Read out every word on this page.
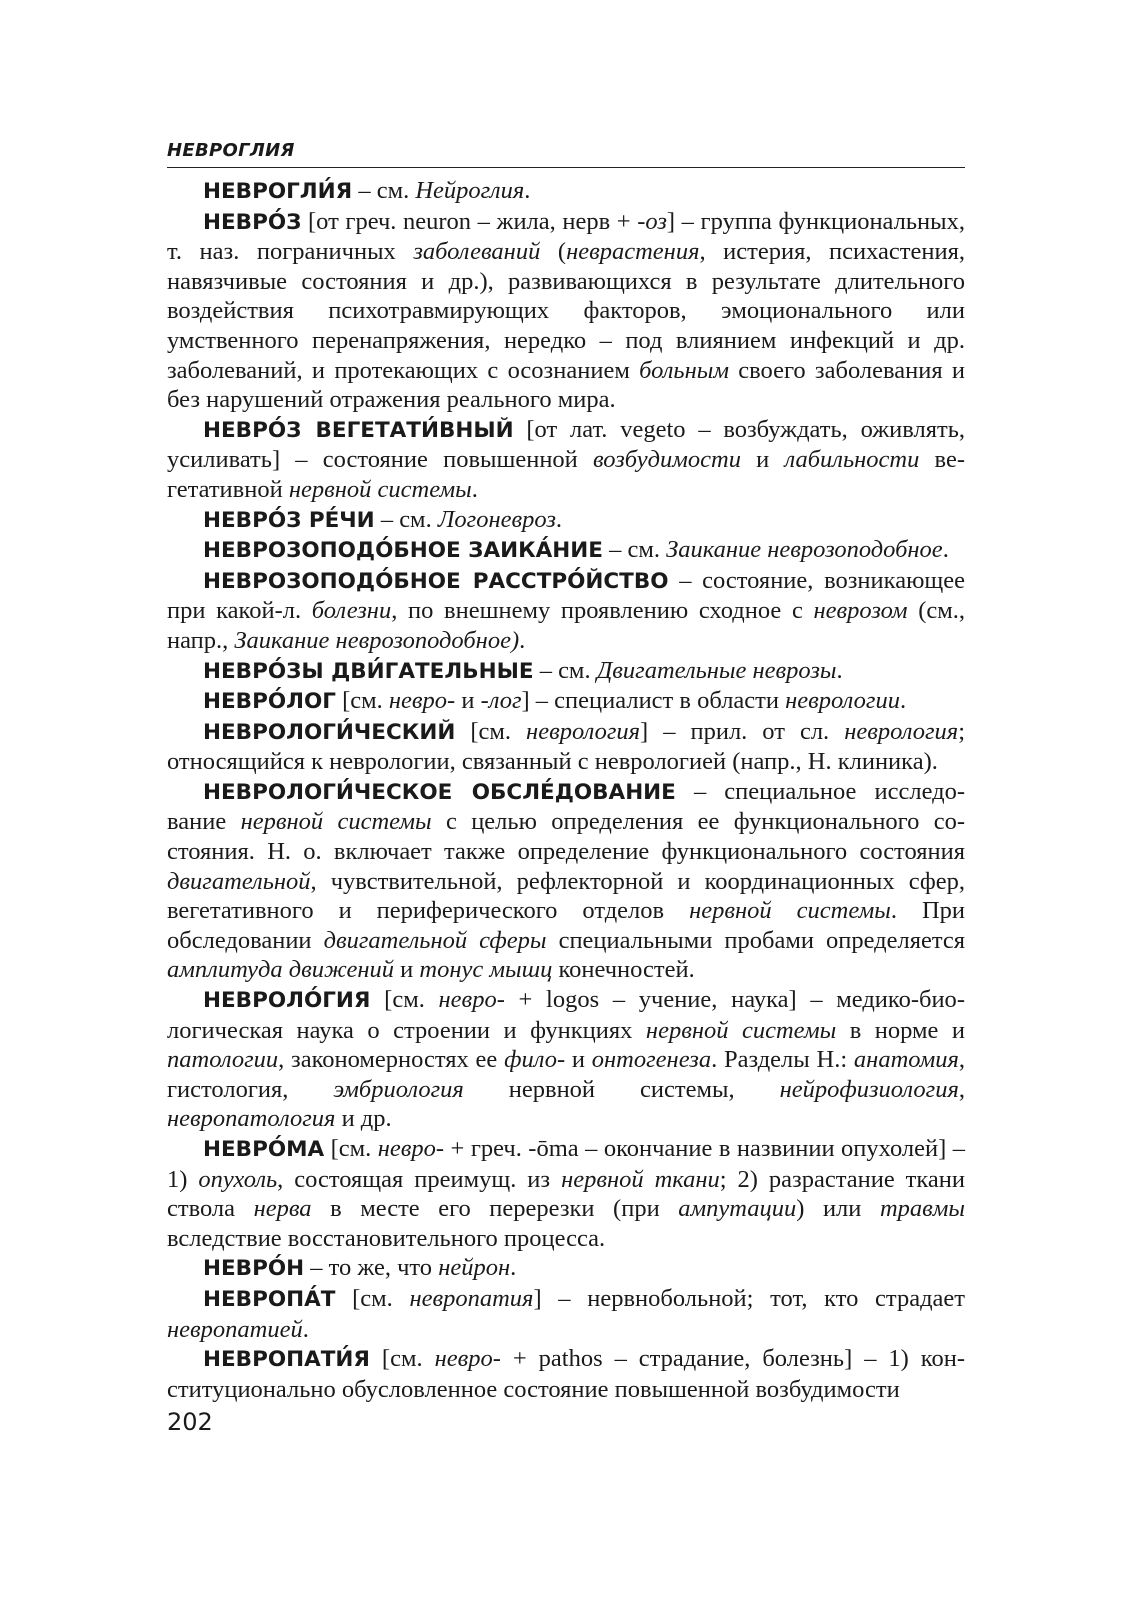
НЕВРОГЛИЯ

НЕВРОГЛИ́Я – см. Нейроглия.

НЕВРО́З [от греч. neuron – жила, нерв + -оз] – группа функциональных, т. наз. пограничных заболеваний (неврастения, истерия, психастения, навязчивые состояния и др.), развивающихся в результате длительного воздействия психотравмирующих факторов, эмоционального или умственного перенапряжения, нередко – под влиянием инфекций и др. заболеваний, и протекающих с осознанием больным своего заболевания и без нарушений отражения реального мира.

НЕВРО́З ВЕГЕТАТИ́ВНЫЙ [от лат. vegeto – возбуждать, оживлять, усиливать] – состояние повышенной возбудимости и лабильности вегетативной нервной системы.

НЕВРО́З РЕ́ЧИ – см. Логоневроз.

НЕВРОЗОПОДО́БНОЕ ЗАИКА́НИЕ – см. Заикание неврозоподобное.

НЕВРОЗОПОДО́БНОЕ РАССТРО́ЙСТВО – состояние, возникающее при какой-л. болезни, по внешнему проявлению сходное с неврозом (см., напр., Заикание неврозоподобное).

НЕВРО́ЗЫ ДВИ́ГАТЕЛЬНЫЕ – см. Двигательные неврозы.

НЕВРО́ЛОГ [см. невро- и -лог] – специалист в области неврологии.

НЕВРОЛОГИ́ЧЕСКИЙ [см. неврология] – прил. от сл. неврология; относящийся к неврологии, связанный с неврологией (напр., Н. клиника).

НЕВРОЛОГИ́ЧЕСКОЕ ОБСЛЕ́ДОВАНИЕ – специальное исследование нервной системы с целью определения ее функционального состояния. Н. о. включает также определение функционального состояния двигательной, чувствительной, рефлекторной и координационных сфер, вегетативного и периферического отделов нервной системы. При обследовании двигательной сферы специальными пробами определяется амплитуда движений и тонус мышц конечностей.

НЕВРОЛО́ГИЯ [см. невро- + logos – учение, наука] – медико-биологическая наука о строении и функциях нервной системы в норме и патологии, закономерностях ее фило- и онтогенеза. Разделы Н.: анатомия, гистология, эмбриология нервной системы, нейрофизиология, невропатология и др.

НЕВРО́МА [см. невро- + греч. -ōma – окончание в назвинии опухолей] – 1) опухоль, состоящая преимущ. из нервной ткани; 2) разрастание ткани ствола нерва в месте его перерезки (при ампутации) или травмы вследствие восстановительного процесса.

НЕВРО́Н – то же, что нейрон.

НЕВРОПА́Т [см. невропатия] – нервнобольной; тот, кто страдает невропатией.

НЕВРОПАТИ́Я [см. невро- + pathos – страдание, болезнь] – 1) конституционально обусловленное состояние повышенной возбудимости

202
